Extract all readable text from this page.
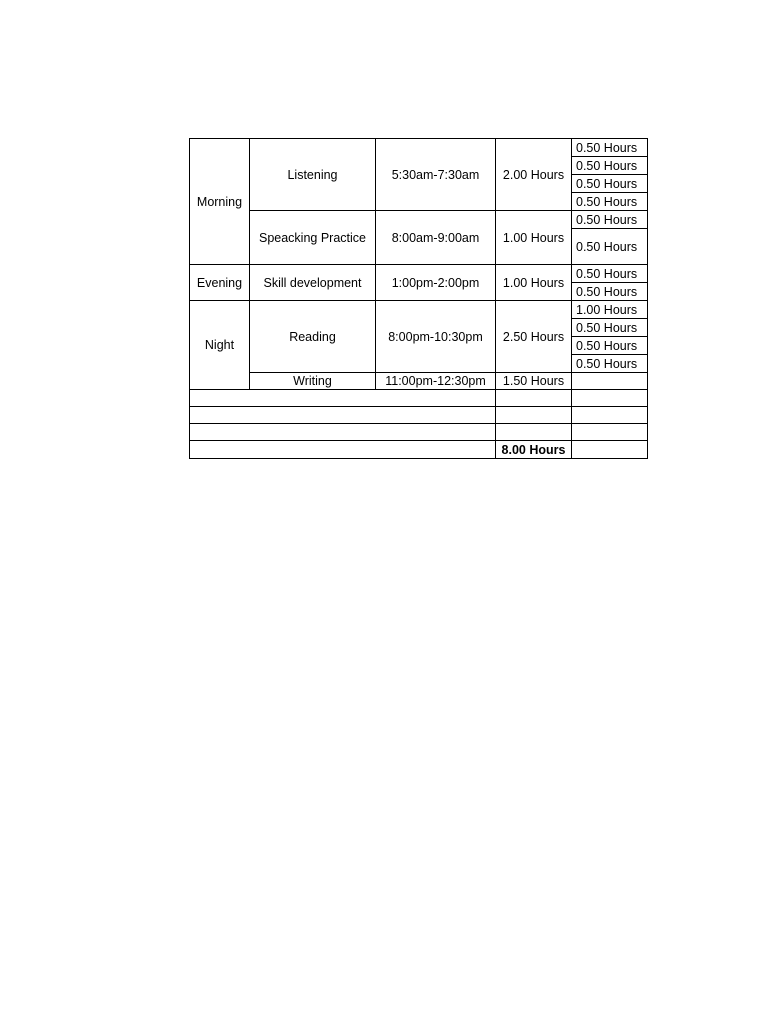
Morning	Listening	5:30am-7:30am	2.00 Hours	0.50 Hours
				0.50 Hours
				0.50 Hours
				0.50 Hours
	Speacking Practice	8:00am-9:00am	1.00 Hours	0.50 Hours
				0.50 Hours

Evening	Skill development	1:00pm-2:00pm	1.00 Hours	0.50 Hours
				0.50 Hours
Night	Reading	8:00pm-10:30pm	2.50 Hours	1.00 Hours
				0.50 Hours
				0.50 Hours
				0.50 Hours
	Writing	11:00pm-12:30pm	1.50 Hours	

			8.00 Hours	
